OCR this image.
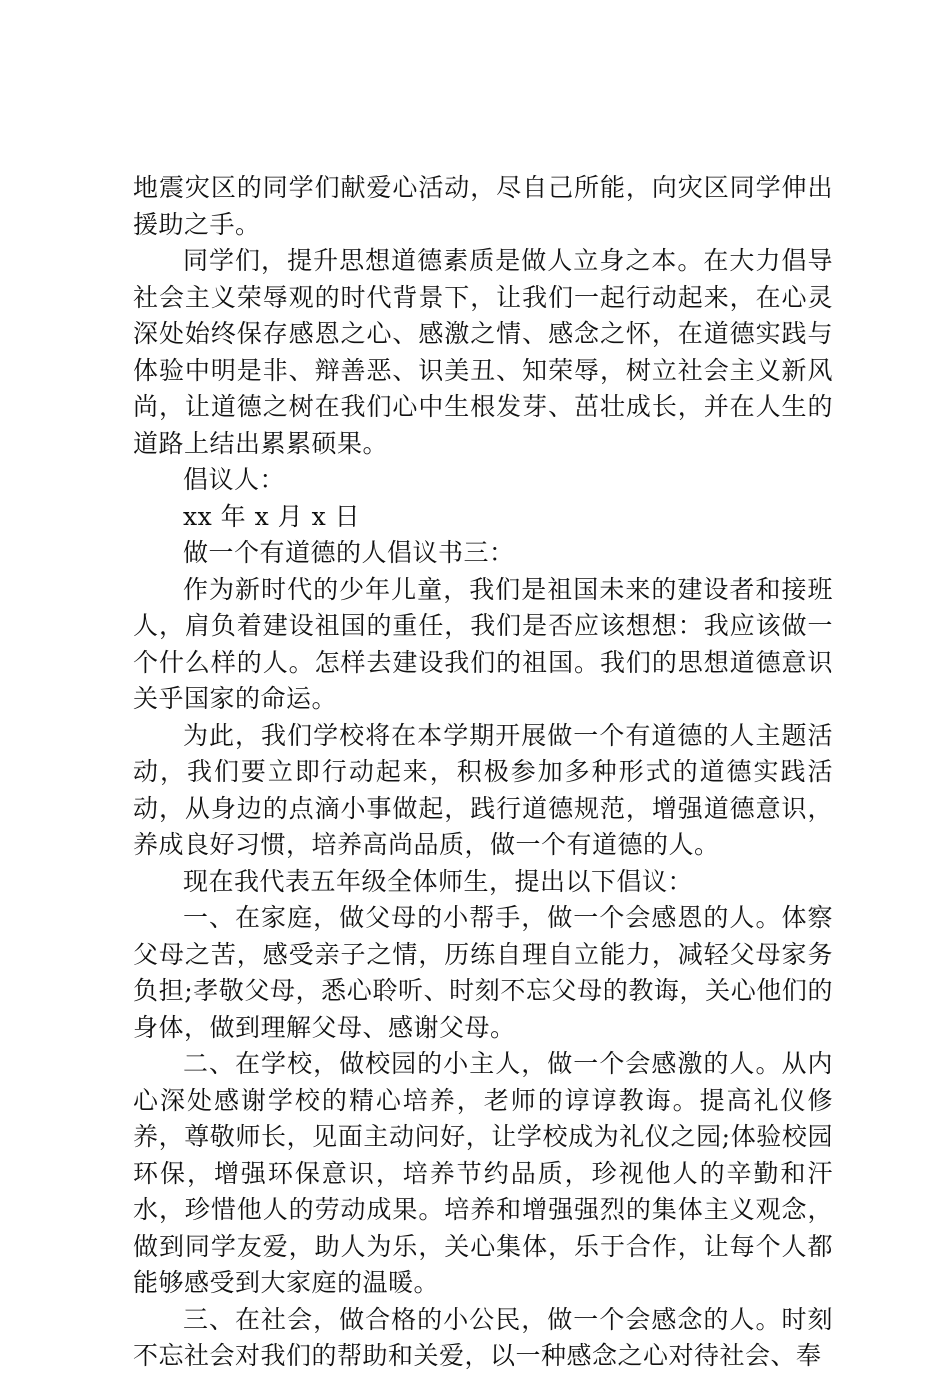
地震灾区的同学们献爱心活动，尽自己所能，向灾区同学伸出援助之手。

同学们，提升思想道德素质是做人立身之本。在大力倡导社会主义荣辱观的时代背景下，让我们一起行动起来，在心灵深处始终保存感恩之心、感激之情、感念之怀，在道德实践与体验中明是非、辩善恶、识美丑、知荣辱，树立社会主义新风尚，让道德之树在我们心中生根发芽、茁壮成长，并在人生的道路上结出累累硕果。

倡议人：

xx 年 x 月 x 日

做一个有道德的人倡议书三：

作为新时代的少年儿童，我们是祖国未来的建设者和接班人，肩负着建设祖国的重任，我们是否应该想想：我应该做一个什么样的人。怎样去建设我们的祖国。我们的思想道德意识关乎国家的命运。

为此，我们学校将在本学期开展做一个有道德的人主题活动，我们要立即行动起来，积极参加多种形式的道德实践活动，从身边的点滴小事做起，践行道德规范，增强道德意识，养成良好习惯，培养高尚品质，做一个有道德的人。

现在我代表五年级全体师生，提出以下倡议：

一、在家庭，做父母的小帮手，做一个会感恩的人。体察父母之苦，感受亲子之情，历练自理自立能力，减轻父母家务负担;孝敬父母，悉心聆听、时刻不忘父母的教诲，关心他们的身体，做到理解父母、感谢父母。

二、在学校，做校园的小主人，做一个会感激的人。从内心深处感谢学校的精心培养，老师的谆谆教诲。提高礼仪修养，尊敬师长，见面主动问好，让学校成为礼仪之园;体验校园环保，增强环保意识，培养节约品质，珍视他人的辛勤和汗水，珍惜他人的劳动成果。培养和增强强烈的集体主义观念，做到同学友爱，助人为乐，关心集体，乐于合作，让每个人都能够感受到大家庭的温暖。

三、在社会，做合格的小公民，做一个会感念的人。时刻不忘社会对我们的帮助和关爱，以一种感念之心对待社会、奉
